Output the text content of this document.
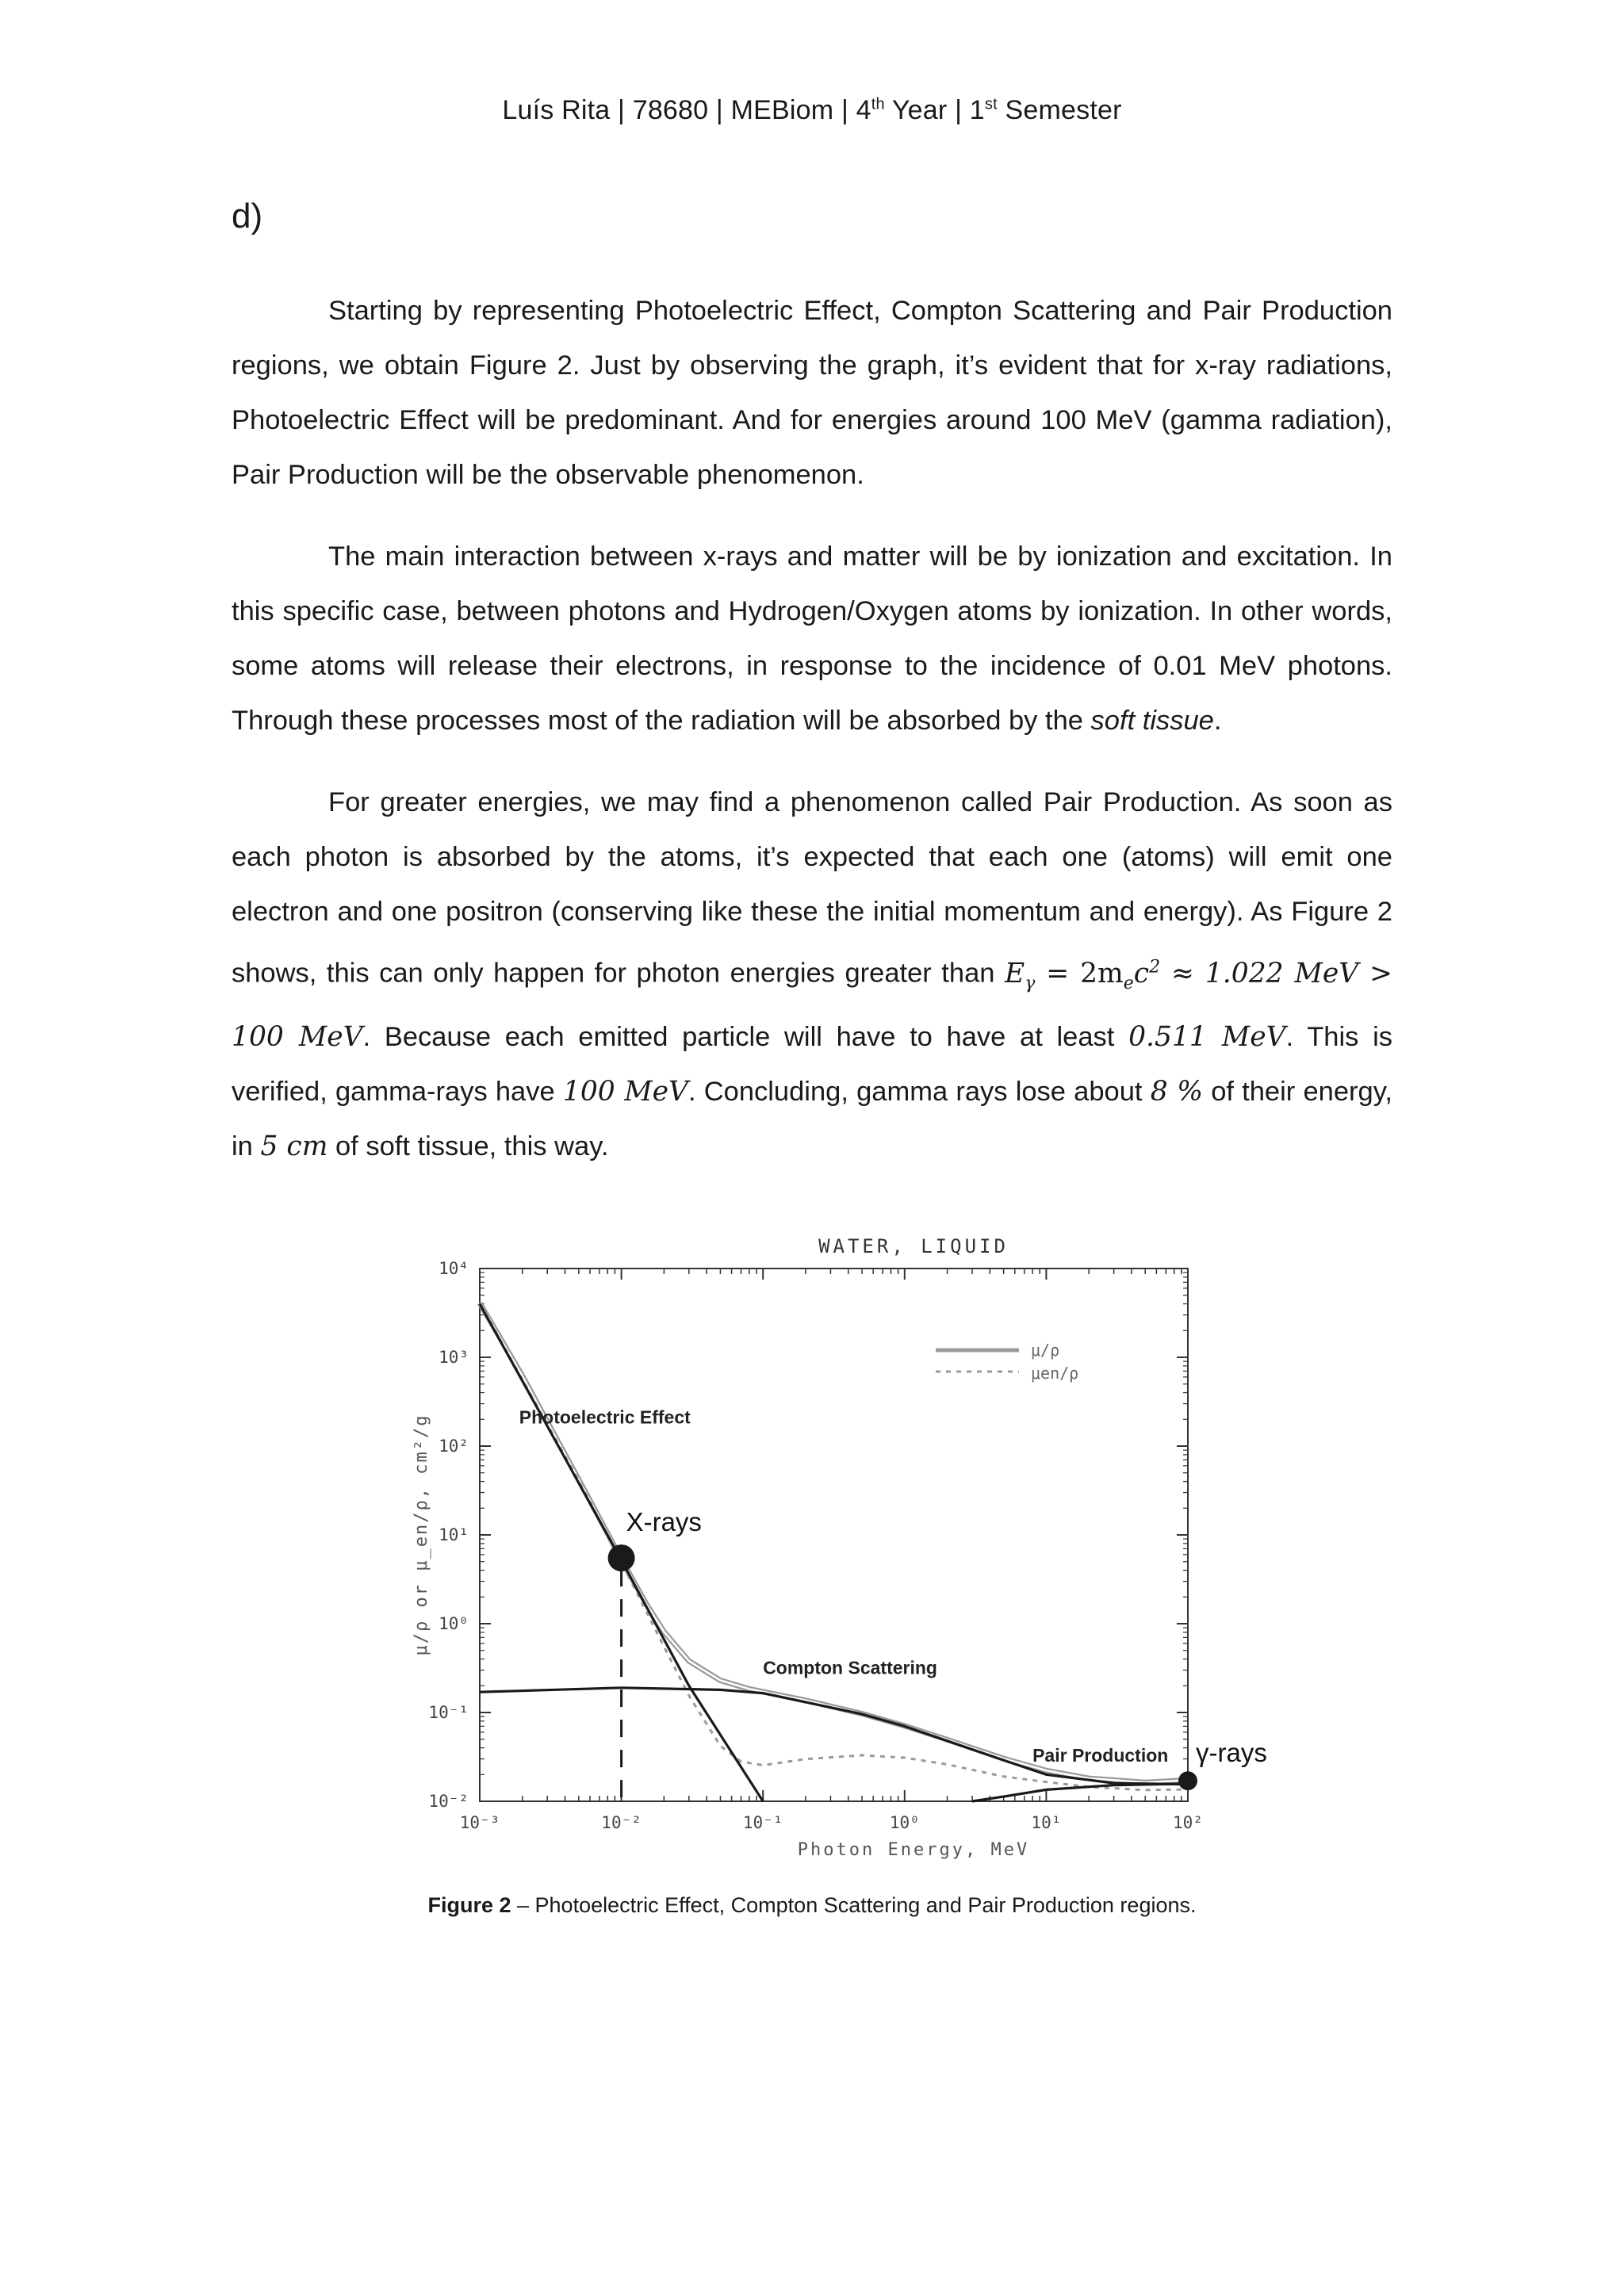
Luís Rita | 78680 | MEBiom | 4th Year | 1st Semester
d)

Starting by representing Photoelectric Effect, Compton Scattering and Pair Production regions, we obtain Figure 2. Just by observing the graph, it’s evident that for x-ray radiations, Photoelectric Effect will be predominant. And for energies around 100 MeV (gamma radiation), Pair Production will be the observable phenomenon.

The main interaction between x-rays and matter will be by ionization and excitation. In this specific case, between photons and Hydrogen/Oxygen atoms by ionization. In other words, some atoms will release their electrons, in response to the incidence of 0.01 MeV photons. Through these processes most of the radiation will be absorbed by the soft tissue.

For greater energies, we may find a phenomenon called Pair Production. As soon as each photon is absorbed by the atoms, it’s expected that each one (atoms) will emit one electron and one positron (conserving like these the initial momentum and energy). As Figure 2 shows, this can only happen for photon energies greater than $E_\gamma = 2m_ec^2 \approx 1.022$ MeV > 100 MeV. Because each emitted particle will have to have at least 0.511 MeV. This is verified, gamma-rays have 100 MeV. Concluding, gamma rays lose about 8 % of their energy, in 5 cm of soft tissue, this way.

WATER, LIQUID
μ/ρ or μ_en/ρ, cm²/g
Photon Energy, MeV
10⁻³	10⁻²	10⁻¹	10⁰	10¹	10²
10⁻²
10⁻¹
10⁰
10¹
10²
10³
10⁴
μ/ρ
μen/ρ
Photoelectric Effect
Compton Scattering
Pair Production
X-rays
γ-rays
Figure 2 – Photoelectric Effect, Compton Scattering and Pair Production regions.
